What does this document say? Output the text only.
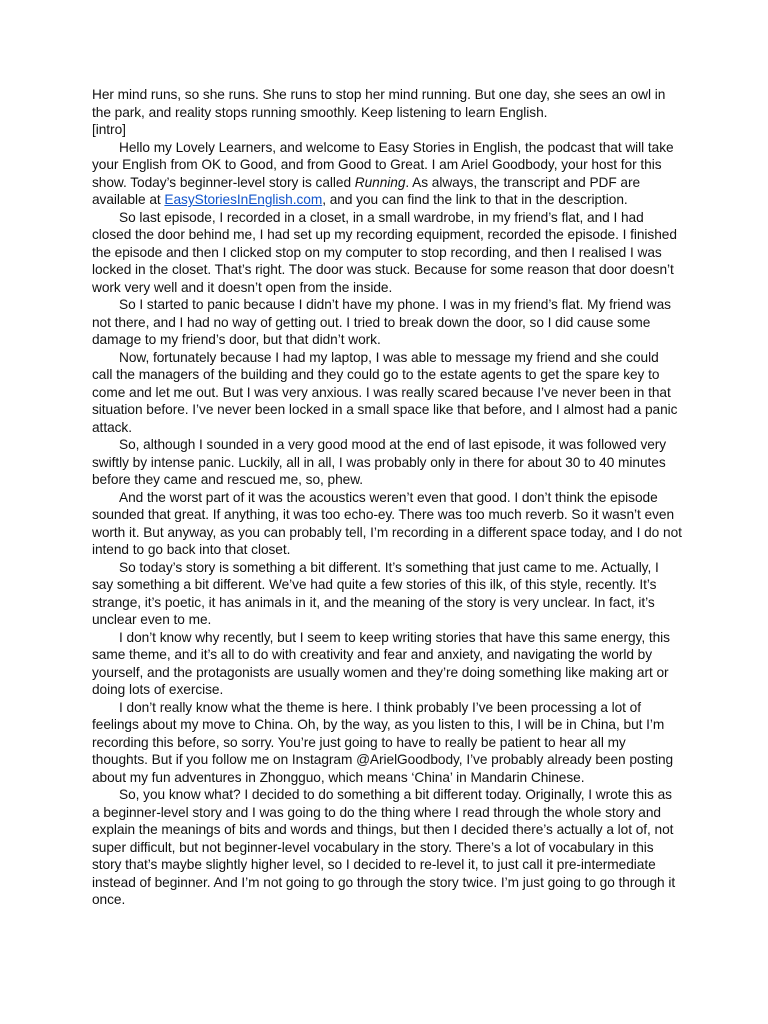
Her mind runs, so she runs. She runs to stop her mind running. But one day, she sees an owl in the park, and reality stops running smoothly. Keep listening to learn English.

[intro]

Hello my Lovely Learners, and welcome to Easy Stories in English, the podcast that will take your English from OK to Good, and from Good to Great. I am Ariel Goodbody, your host for this show. Today’s beginner-level story is called Running. As always, the transcript and PDF are available at EasyStoriesInEnglish.com, and you can find the link to that in the description.

So last episode, I recorded in a closet, in a small wardrobe, in my friend’s flat, and I had closed the door behind me, I had set up my recording equipment, recorded the episode. I finished the episode and then I clicked stop on my computer to stop recording, and then I realised I was locked in the closet. That’s right. The door was stuck. Because for some reason that door doesn’t work very well and it doesn’t open from the inside.

So I started to panic because I didn’t have my phone. I was in my friend’s flat. My friend was not there, and I had no way of getting out. I tried to break down the door, so I did cause some damage to my friend’s door, but that didn’t work.

Now, fortunately because I had my laptop, I was able to message my friend and she could call the managers of the building and they could go to the estate agents to get the spare key to come and let me out. But I was very anxious. I was really scared because I’ve never been in that situation before. I’ve never been locked in a small space like that before, and I almost had a panic attack.

So, although I sounded in a very good mood at the end of last episode, it was followed very swiftly by intense panic. Luckily, all in all, I was probably only in there for about 30 to 40 minutes before they came and rescued me, so, phew.

And the worst part of it was the acoustics weren’t even that good. I don’t think the episode sounded that great. If anything, it was too echo-ey. There was too much reverb. So it wasn’t even worth it. But anyway, as you can probably tell, I’m recording in a different space today, and I do not intend to go back into that closet.

So today’s story is something a bit different. It’s something that just came to me. Actually, I say something a bit different. We’ve had quite a few stories of this ilk, of this style, recently. It’s strange, it’s poetic, it has animals in it, and the meaning of the story is very unclear. In fact, it’s unclear even to me.

I don’t know why recently, but I seem to keep writing stories that have this same energy, this same theme, and it’s all to do with creativity and fear and anxiety, and navigating the world by yourself, and the protagonists are usually women and they’re doing something like making art or doing lots of exercise.

I don’t really know what the theme is here. I think probably I’ve been processing a lot of feelings about my move to China. Oh, by the way, as you listen to this, I will be in China, but I’m recording this before, so sorry. You’re just going to have to really be patient to hear all my thoughts. But if you follow me on Instagram @ArielGoodbody, I’ve probably already been posting about my fun adventures in Zhongguo, which means ‘China’ in Mandarin Chinese.

So, you know what? I decided to do something a bit different today. Originally, I wrote this as a beginner-level story and I was going to do the thing where I read through the whole story and explain the meanings of bits and words and things, but then I decided there’s actually a lot of, not super difficult, but not beginner-level vocabulary in the story. There’s a lot of vocabulary in this story that’s maybe slightly higher level, so I decided to re-level it, to just call it pre-intermediate instead of beginner. And I’m not going to go through the story twice. I’m just going to go through it once.
